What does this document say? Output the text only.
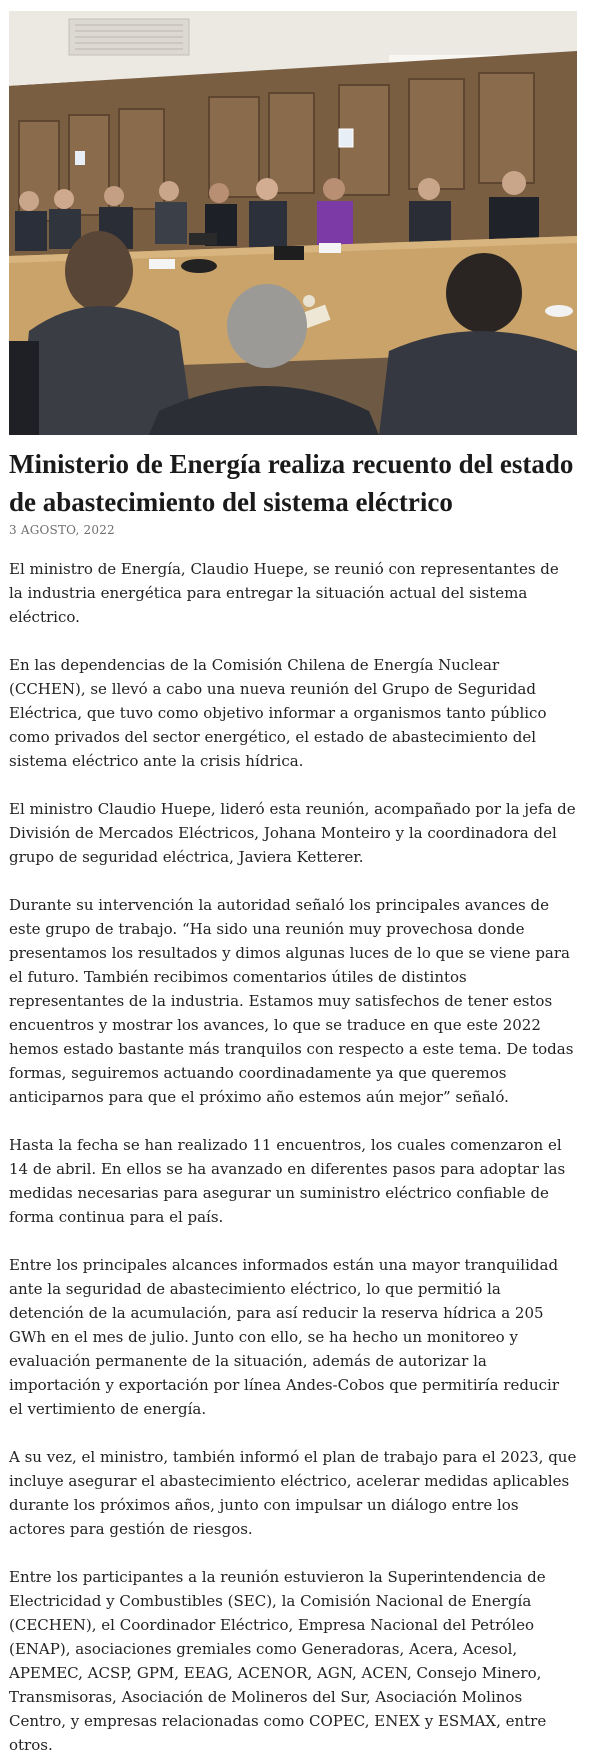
Ministerio de Energía realiza recuento del estado de abastecimiento del sistema eléctrico
3 AGOSTO, 2022

El ministro de Energía, Claudio Huepe, se reunió con representantes de la industria energética para entregar la situación actual del sistema eléctrico.

En las dependencias de la Comisión Chilena de Energía Nuclear (CCHEN), se llevó a cabo una nueva reunión del Grupo de Seguridad Eléctrica, que tuvo como objetivo informar a organismos tanto público como privados del sector energético, el estado de abastecimiento del sistema eléctrico ante la crisis hídrica.

El ministro Claudio Huepe, lideró esta reunión, acompañado por la jefa de División de Mercados Eléctricos, Johana Monteiro y la coordinadora del grupo de seguridad eléctrica, Javiera Ketterer.

Durante su intervención la autoridad señaló los principales avances de este grupo de trabajo. “Ha sido una reunión muy provechosa donde presentamos los resultados y dimos algunas luces de lo que se viene para el futuro. También recibimos comentarios útiles de distintos representantes de la industria. Estamos muy satisfechos de tener estos encuentros y mostrar los avances, lo que se traduce en que este 2022 hemos estado bastante más tranquilos con respecto a este tema. De todas formas, seguiremos actuando coordinadamente ya que queremos anticiparnos para que el próximo año estemos aún mejor” señaló.

Hasta la fecha se han realizado 11 encuentros, los cuales comenzaron el 14 de abril. En ellos se ha avanzado en diferentes pasos para adoptar las medidas necesarias para asegurar un suministro eléctrico confiable de forma continua para el país.

Entre los principales alcances informados están una mayor tranquilidad ante la seguridad de abastecimiento eléctrico, lo que permitió la detención de la acumulación, para así reducir la reserva hídrica a 205 GWh en el mes de julio. Junto con ello, se ha hecho un monitoreo y evaluación permanente de la situación, además de autorizar la importación y exportación por línea Andes-Cobos que permitiría reducir el vertimiento de energía.

A su vez, el ministro, también informó el plan de trabajo para el 2023, que incluye asegurar el abastecimiento eléctrico, acelerar medidas aplicables durante los próximos años, junto con impulsar un diálogo entre los actores para gestión de riesgos.

Entre los participantes a la reunión estuvieron la Superintendencia de Electricidad y Combustibles (SEC), la Comisión Nacional de Energía (CECHEN), el Coordinador Eléctrico, Empresa Nacional del Petróleo (ENAP), asociaciones gremiales como Generadoras, Acera, Acesol, APEMEC, ACSP, GPM, EEAG, ACENOR, AGN, ACEN, Consejo Minero, Transmisoras, Asociación de Molineros del Sur, Asociación Molinos Centro, y empresas relacionadas como COPEC, ENEX y ESMAX, entre otros.
